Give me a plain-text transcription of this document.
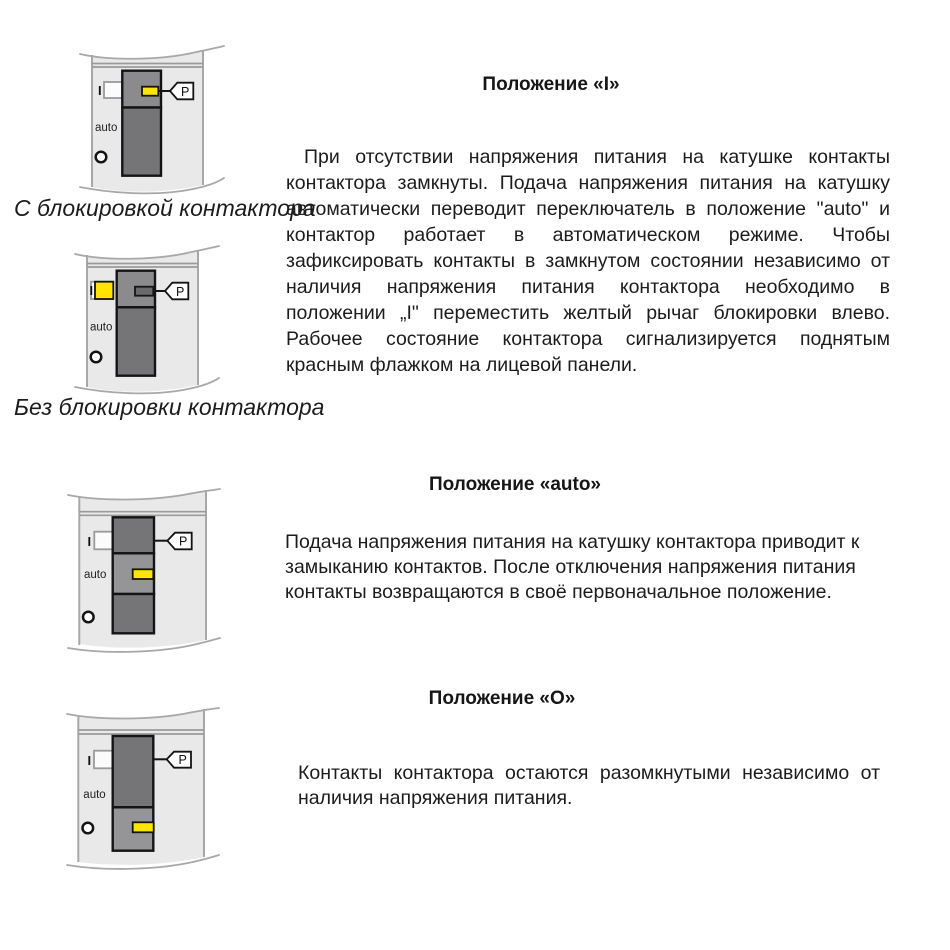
P
I
auto
С блокировкой контактора
P
I
auto
Без блокировки контактора
P
I
auto
P
I
auto
Положение «I»
При отсутствии напряжения питания на катушке контакты
контактора замкнуты. Подача напряжения питания на катушку
автоматически переводит переключатель в положение "auto" и
контактор работает в автоматическом режиме. Чтобы
зафиксировать контакты в замкнутом состоянии независимо от
наличия напряжения питания контактора необходимо в
положении „I" переместить желтый рычаг блокировки влево.
Рабочее состояние контактора сигнализируется поднятым
красным флажком на лицевой панели.
Положение «auto»
Подача напряжения питания на катушку контактора приводит к
замыканию контактов. После отключения напряжения питания
контакты возвращаются в своё первоначальное положение.
Положение «О»
Контакты контактора остаются разомкнутыми независимо от
наличия напряжения питания.
